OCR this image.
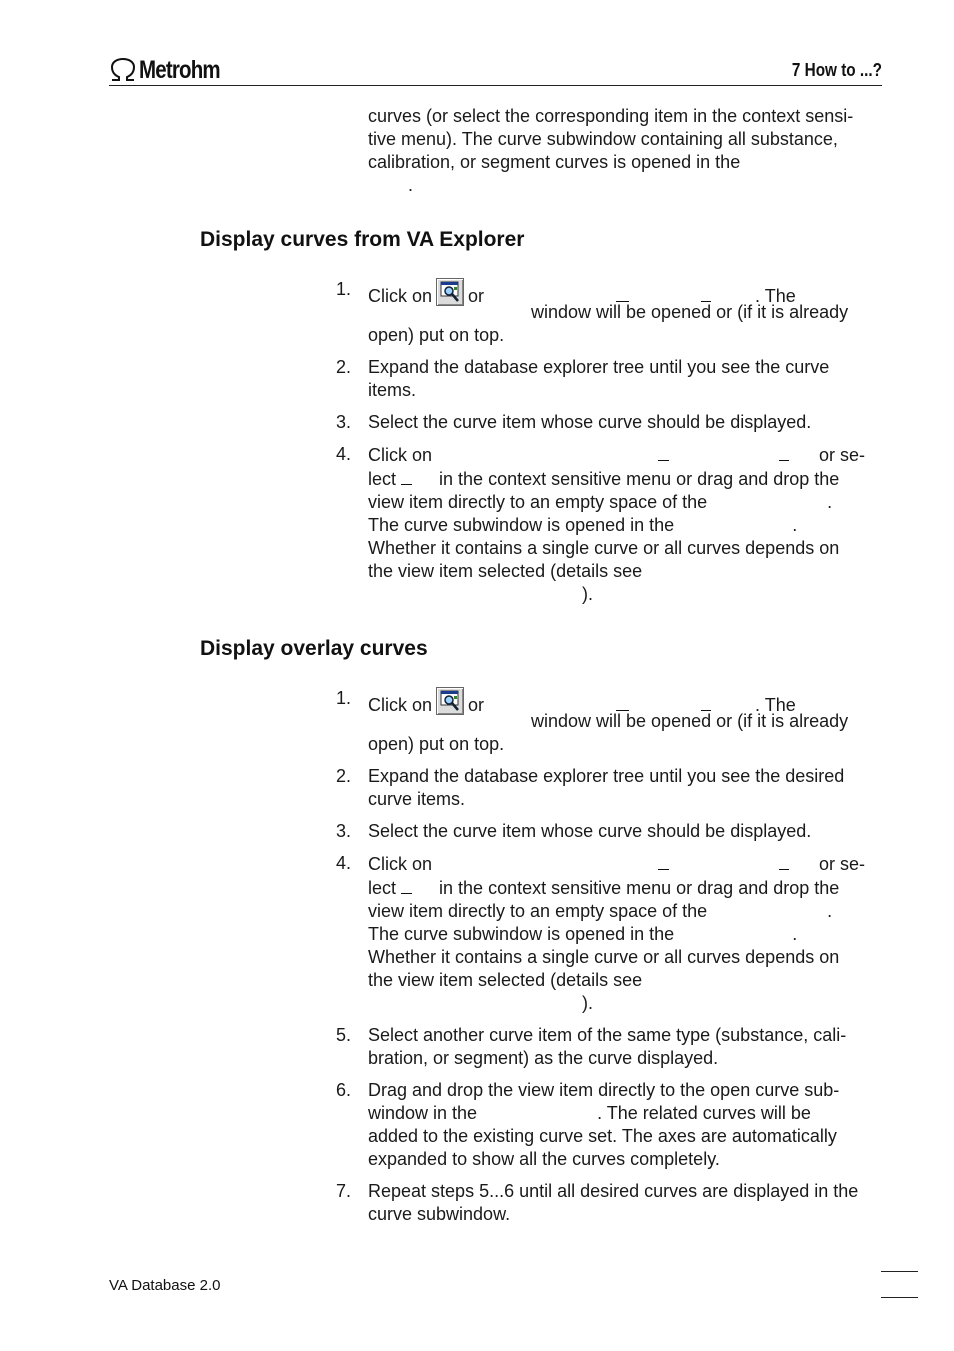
Metrohm	7 How to ...?
curves (or select the corresponding item in the context sensi-
tive menu). The curve subwindow containing all substance,
calibration, or segment curves is opened in the
.
Display curves from VA Explorer
1. Click on or	. The
window will be opened or (if it is already
open) put on top.
2. Expand the database explorer tree until you see the curve
items.
3. Select the curve item whose curve should be displayed.
4. Click on	or se-
lect in the context sensitive menu or drag and drop the
view item directly to an empty space of the	.
The curve subwindow is opened in the	.
Whether it contains a single curve or all curves depends on
the view item selected (details see
).
Display overlay curves
1. Click on or	. The
window will be opened or (if it is already
open) put on top.
2. Expand the database explorer tree until you see the desired
curve items.
3. Select the curve item whose curve should be displayed.
4. Click on	or se-
lect in the context sensitive menu or drag and drop the
view item directly to an empty space of the	.
The curve subwindow is opened in the	.
Whether it contains a single curve or all curves depends on
the view item selected (details see
).
5. Select another curve item of the same type (substance, cali-
bration, or segment) as the curve displayed.
6. Drag and drop the view item directly to the open curve sub-
window in the	. The related curves will be
added to the existing curve set. The axes are automatically
expanded to show all the curves completely.
7. Repeat steps 5...6 until all desired curves are displayed in the
curve subwindow.
VA Database 2.0
